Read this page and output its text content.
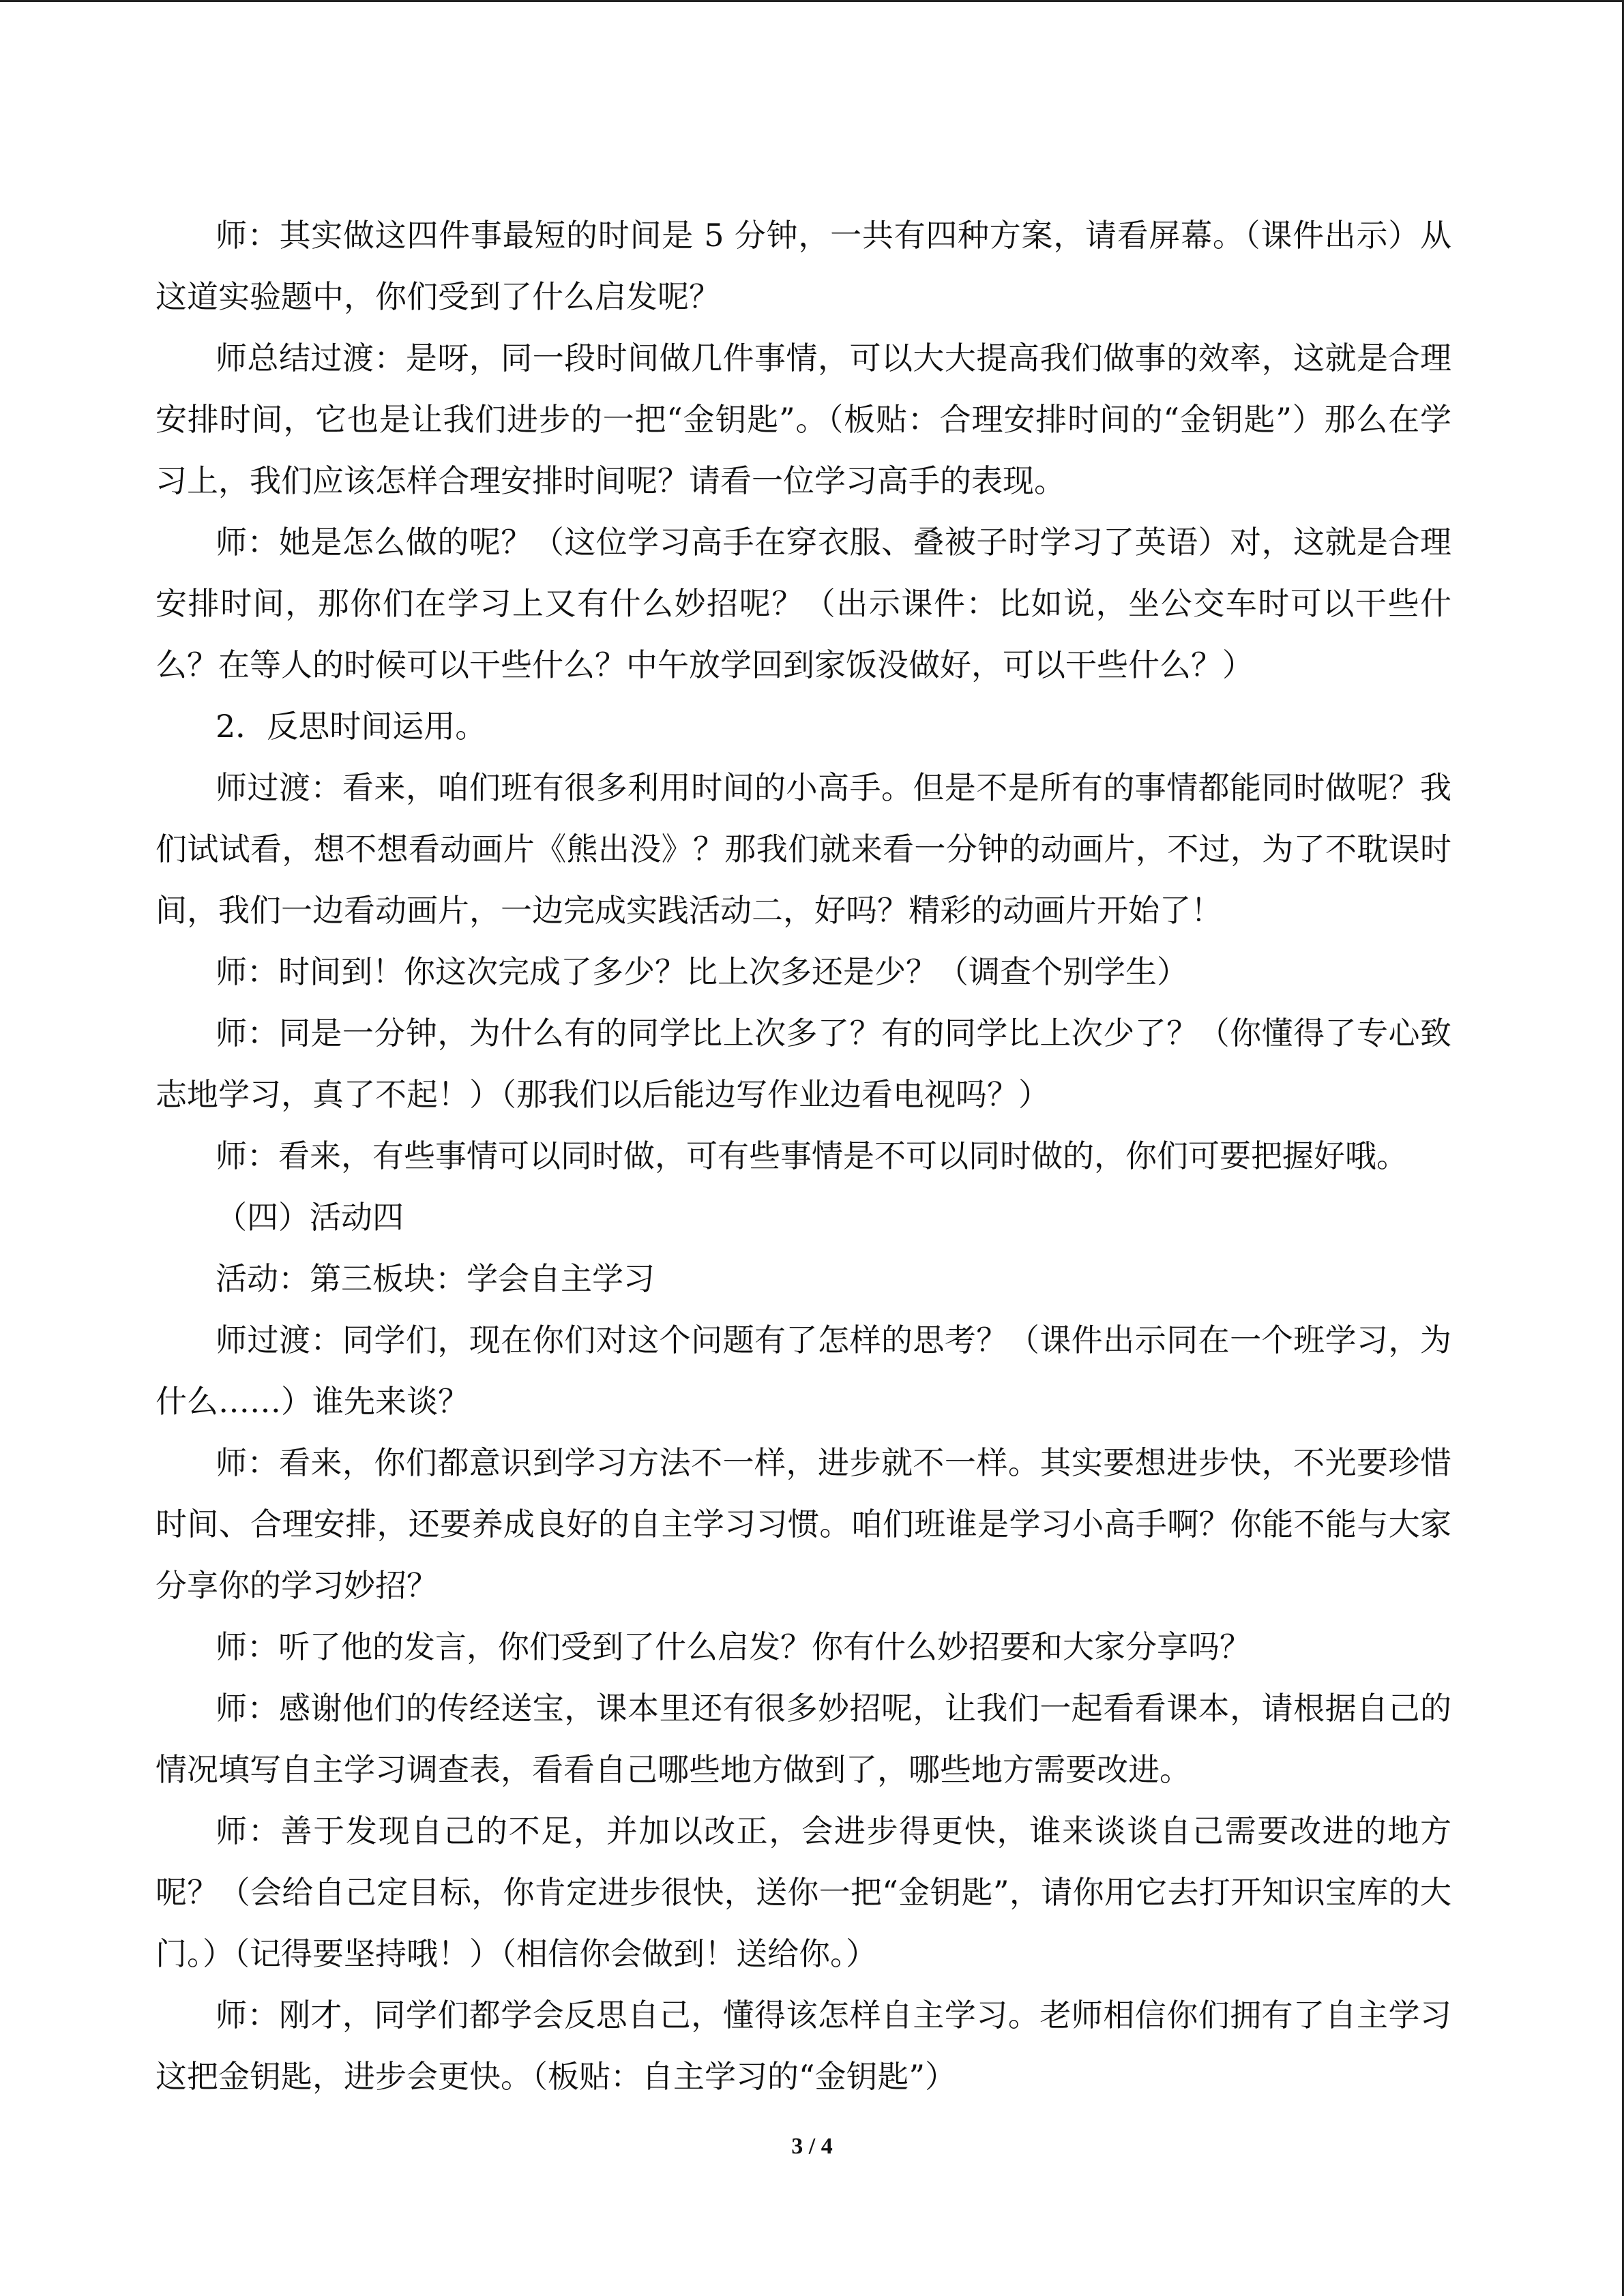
师：其实做这四件事最短的时间是 5 分钟，一共有四种方案，请看屏幕。（课件出示）从这道实验题中，你们受到了什么启发呢？

师总结过渡：是呀，同一段时间做几件事情，可以大大提高我们做事的效率，这就是合理安排时间，它也是让我们进步的一把“金钥匙”。（板贴：合理安排时间的“金钥匙”）那么在学习上，我们应该怎样合理安排时间呢？请看一位学习高手的表现。

师：她是怎么做的呢？（这位学习高手在穿衣服、叠被子时学习了英语）对，这就是合理安排时间，那你们在学习上又有什么妙招呢？（出示课件：比如说，坐公交车时可以干些什么？在等人的时候可以干些什么？中午放学回到家饭没做好，可以干些什么？）

2．反思时间运用。

师过渡：看来，咱们班有很多利用时间的小高手。但是不是所有的事情都能同时做呢？我们试试看，想不想看动画片《熊出没》？那我们就来看一分钟的动画片，不过，为了不耽误时间，我们一边看动画片，一边完成实践活动二，好吗？精彩的动画片开始了！

师：时间到！你这次完成了多少？比上次多还是少？（调查个别学生）

师：同是一分钟，为什么有的同学比上次多了？有的同学比上次少了？（你懂得了专心致志地学习，真了不起！）（那我们以后能边写作业边看电视吗？）

师：看来，有些事情可以同时做，可有些事情是不可以同时做的，你们可要把握好哦。

（四）活动四

活动：第三板块：学会自主学习

师过渡：同学们，现在你们对这个问题有了怎样的思考？（课件出示同在一个班学习，为什么……）谁先来谈？

师：看来，你们都意识到学习方法不一样，进步就不一样。其实要想进步快，不光要珍惜时间、合理安排，还要养成良好的自主学习习惯。咱们班谁是学习小高手啊？你能不能与大家分享你的学习妙招？

师：听了他的发言，你们受到了什么启发？你有什么妙招要和大家分享吗？

师：感谢他们的传经送宝，课本里还有很多妙招呢，让我们一起看看课本，请根据自己的情况填写自主学习调查表，看看自己哪些地方做到了，哪些地方需要改进。

师：善于发现自己的不足，并加以改正，会进步得更快，谁来谈谈自己需要改进的地方呢？（会给自己定目标，你肯定进步很快，送你一把“金钥匙”，请你用它去打开知识宝库的大门。）（记得要坚持哦！）（相信你会做到！送给你。）

师：刚才，同学们都学会反思自己，懂得该怎样自主学习。老师相信你们拥有了自主学习这把金钥匙，进步会更快。（板贴：自主学习的“金钥匙”）

3 / 4
